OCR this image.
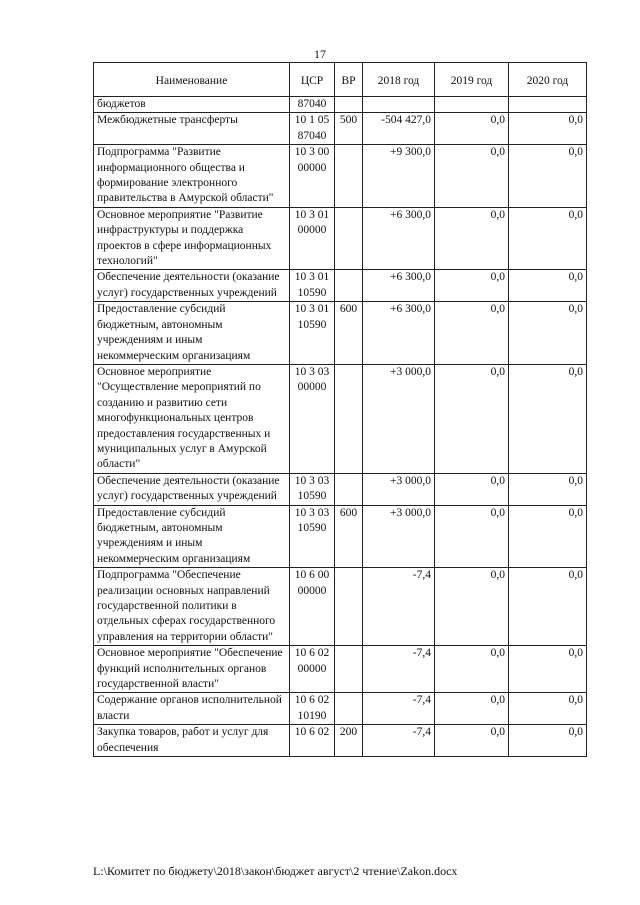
17
Наименование	ЦСР	ВР	2018 год	2019 год	2020 год
бюджетов	87040				
Межбюджетные трансферты	10 1 05 87040	500	-504 427,0	0,0	0,0
Подпрограмма "Развитие информационного общества и формирование электронного правительства в Амурской области"	10 3 00 00000		+9 300,0	0,0	0,0
Основное мероприятие "Развитие инфраструктуры и поддержка проектов в сфере информационных технологий"	10 3 01 00000		+6 300,0	0,0	0,0
Обеспечение деятельности (оказание услуг) государственных учреждений	10 3 01 10590		+6 300,0	0,0	0,0
Предоставление субсидий бюджетным, автономным учреждениям и иным некоммерческим организациям	10 3 01 10590	600	+6 300,0	0,0	0,0
Основное мероприятие "Осуществление мероприятий по созданию и развитию сети многофункциональных центров предоставления государственных и муниципальных услуг в Амурской области"	10 3 03 00000		+3 000,0	0,0	0,0
Обеспечение деятельности (оказание услуг) государственных учреждений	10 3 03 10590		+3 000,0	0,0	0,0
Предоставление субсидий бюджетным, автономным учреждениям и иным некоммерческим организациям	10 3 03 10590	600	+3 000,0	0,0	0,0
Подпрограмма "Обеспечение реализации основных направлений государственной политики в отдельных сферах государственного управления на территории области"	10 6 00 00000		-7,4	0,0	0,0
Основное мероприятие "Обеспечение функций исполнительных органов государственной власти"	10 6 02 00000		-7,4	0,0	0,0
Содержание органов исполнительной власти	10 6 02 10190		-7,4	0,0	0,0
Закупка товаров, работ и услуг для обеспечения	10 6 02	200	-7,4	0,0	0,0
L:\Комитет по бюджету\2018\закон\бюджет август\2 чтение\Zakon.docx
